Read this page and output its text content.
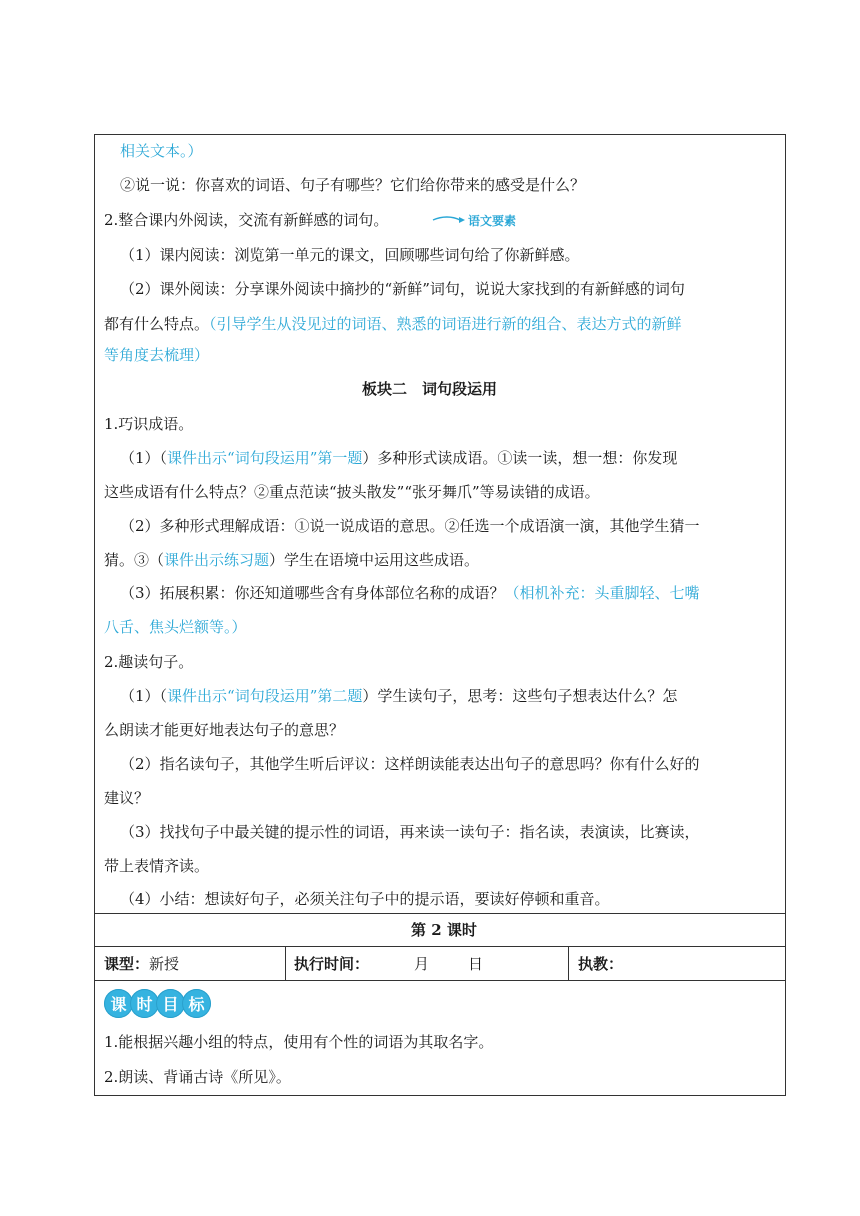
相关文本。）
②说一说：你喜欢的词语、句子有哪些？它们给你带来的感受是什么？
2.整合课内外阅读，交流有新鲜感的词句。	语文要素
（1）课内阅读：浏览第一单元的课文，回顾哪些词句给了你新鲜感。
（2）课外阅读：分享课外阅读中摘抄的“新鲜”词句，说说大家找到的有新鲜感的词句
都有什么特点。（引导学生从没见过的词语、熟悉的词语进行新的组合、表达方式的新鲜
等角度去梳理）
板块二　词句段运用
1.巧识成语。
（1）（课件出示“词句段运用”第一题）多种形式读成语。①读一读，想一想：你发现
这些成语有什么特点？②重点范读“披头散发”“张牙舞爪”等易读错的成语。
（2）多种形式理解成语：①说一说成语的意思。②任选一个成语演一演，其他学生猜一
猜。③（课件出示练习题）学生在语境中运用这些成语。
（3）拓展积累：你还知道哪些含有身体部位名称的成语？（相机补充：头重脚轻、七嘴
八舌、焦头烂额等。）
2.趣读句子。
（1）（课件出示“词句段运用”第二题）学生读句子，思考：这些句子想表达什么？怎
么朗读才能更好地表达句子的意思？
（2）指名读句子，其他学生听后评议：这样朗读能表达出句子的意思吗？你有什么好的
建议？
（3）找找句子中最关键的提示性的词语，再来读一读句子：指名读，表演读，比赛读，
带上表情齐读。
（4）小结：想读好句子，必须关注句子中的提示语，要读好停顿和重音。
第 2 课时
课型：新授	执行时间：	月	日	执教：
课 时 目 标
1.能根据兴趣小组的特点，使用有个性的词语为其取名字。
2.朗读、背诵古诗《所见》。
